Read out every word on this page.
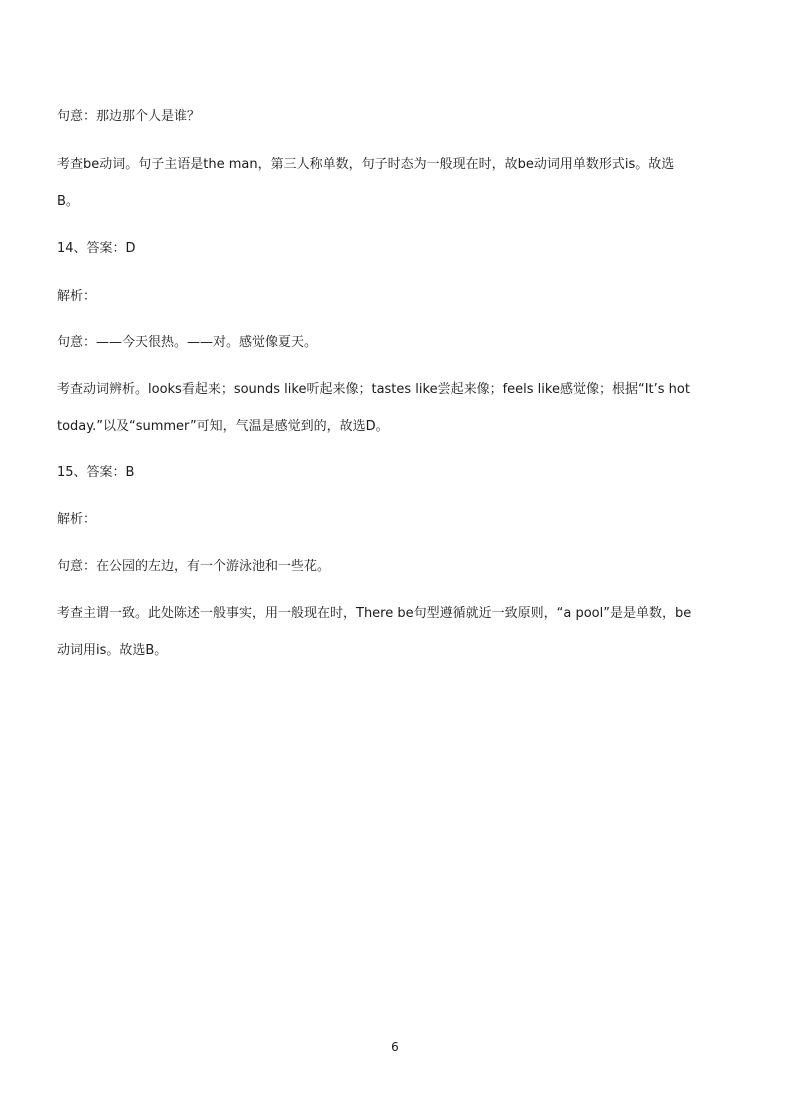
句意：那边那个人是谁？
考查be动词。句子主语是the man，第三人称单数，句子时态为一般现在时，故be动词用单数形式is。故选
B。
14、答案：D
解析：
句意：——今天很热。——对。感觉像夏天。
考查动词辨析。looks看起来；sounds like听起来像；tastes like尝起来像；feels like感觉像；根据“It’s hot
today.”以及“summer”可知，气温是感觉到的，故选D。
15、答案：B
解析：
句意：在公园的左边，有一个游泳池和一些花。
考查主谓一致。此处陈述一般事实，用一般现在时，There be句型遵循就近一致原则，“a pool”是是单数，be
动词用is。故选B。
6
